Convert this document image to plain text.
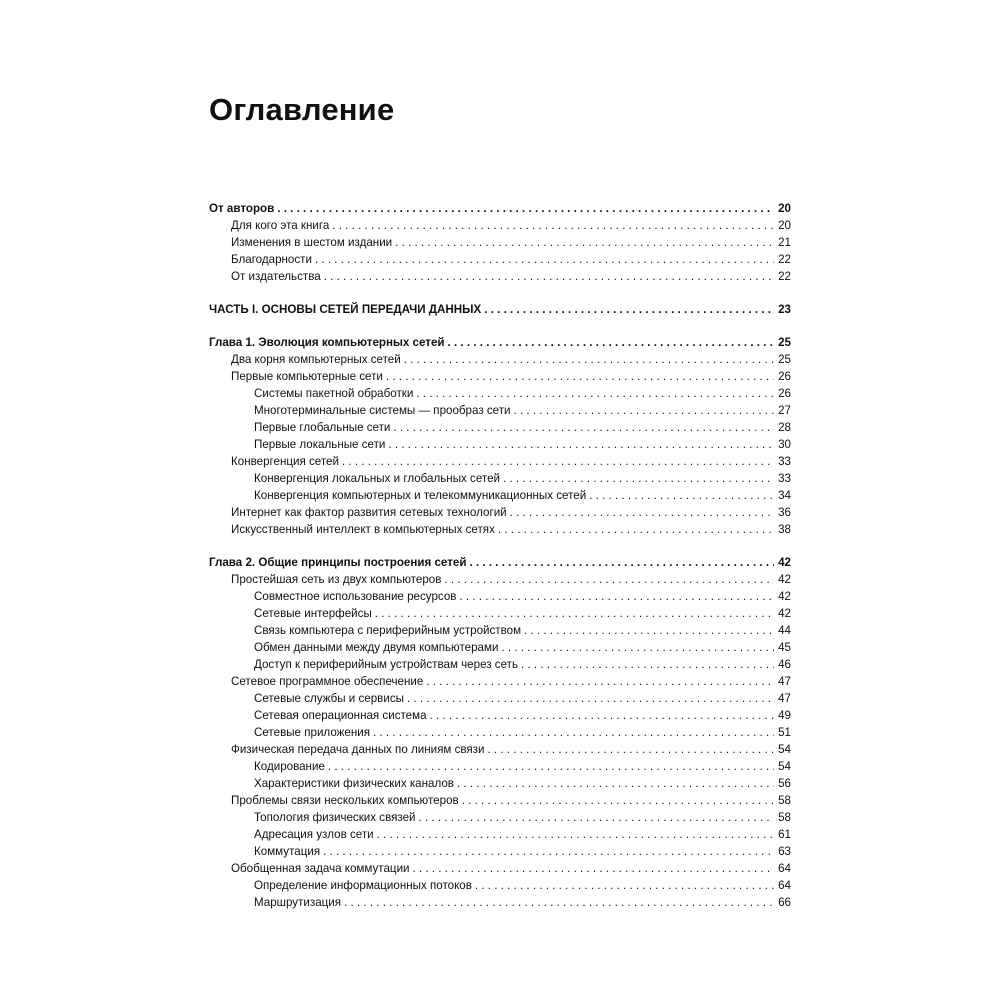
Оглавление
От авторов . . .	20
Для кого эта книга . . .	20
Изменения в шестом издании . . .	21
Благодарности . . .	22
От издательства . . .	22
ЧАСТЬ I. ОСНОВЫ СЕТЕЙ ПЕРЕДАЧИ ДАННЫХ . . .	23
Глава 1. Эволюция компьютерных сетей . . .	25
Два корня компьютерных сетей . . .	25
Первые компьютерные сети . . .	26
Системы пакетной обработки . . .	26
Многотерминальные системы — прообраз сети . . .	27
Первые глобальные сети . . .	28
Первые локальные сети . . .	30
Конвергенция сетей . . .	33
Конвергенция локальных и глобальных сетей . . .	33
Конвергенция компьютерных и телекоммуникационных сетей . . .	34
Интернет как фактор развития сетевых технологий . . .	36
Искусственный интеллект в компьютерных сетях . . .	38
Глава 2. Общие принципы построения сетей . . .	42
Простейшая сеть из двух компьютеров . . .	42
Совместное использование ресурсов . . .	42
Сетевые интерфейсы . . .	42
Связь компьютера с периферийным устройством . . .	44
Обмен данными между двумя компьютерами . . .	45
Доступ к периферийным устройствам через сеть . . .	46
Сетевое программное обеспечение . . .	47
Сетевые службы и сервисы . . .	47
Сетевая операционная система . . .	49
Сетевые приложения . . .	51
Физическая передача данных по линиям связи . . .	54
Кодирование . . .	54
Характеристики физических каналов . . .	56
Проблемы связи нескольких компьютеров . . .	58
Топология физических связей . . .	58
Адресация узлов сети . . .	61
Коммутация . . .	63
Обобщенная задача коммутации . . .	64
Определение информационных потоков . . .	64
Маршрутизация . . .	66
